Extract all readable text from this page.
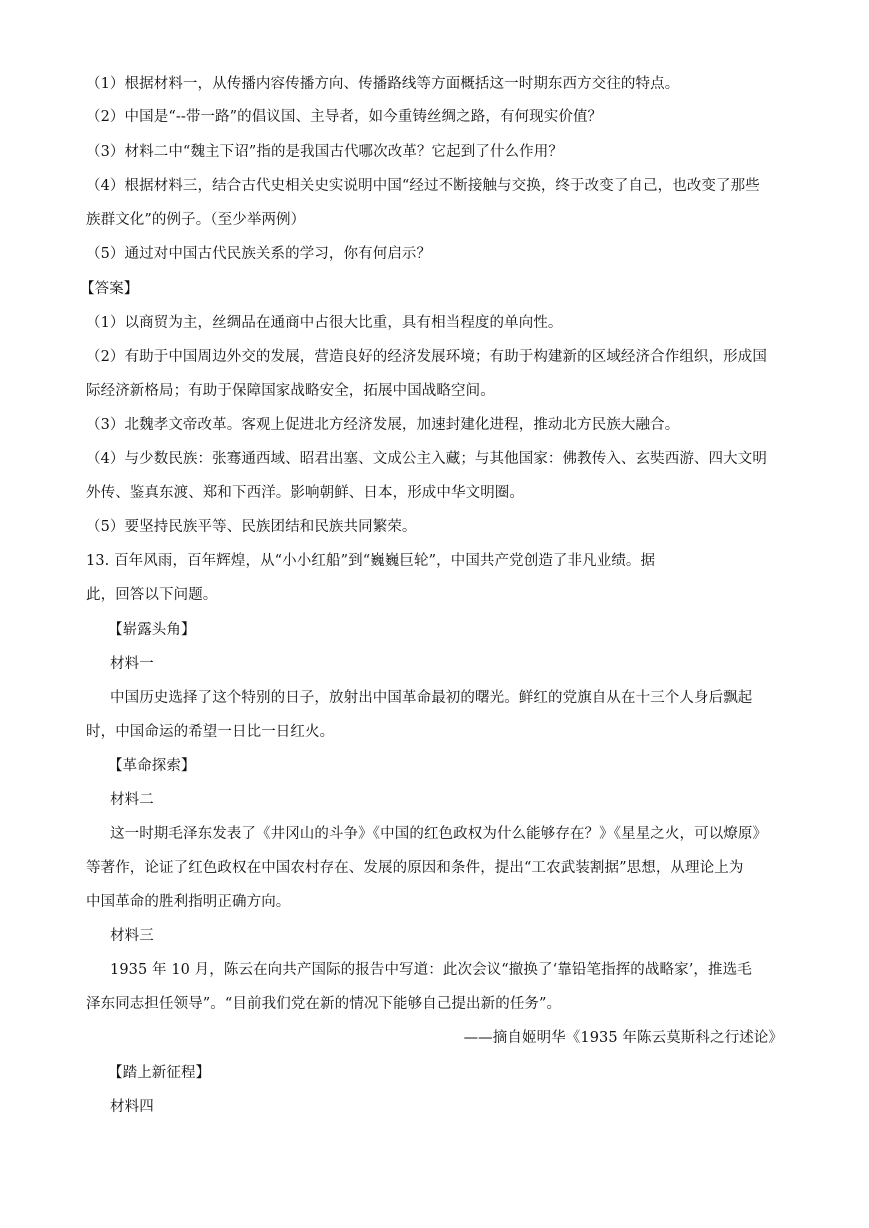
（1）根据材料一，从传播内容传播方向、传播路线等方面概括这一时期东西方交往的特点。
（2）中国是“--带一路”的倡议国、主导者，如今重铸丝绸之路，有何现实价值？
（3）材料二中“魏主下诏”指的是我国古代哪次改革？它起到了什么作用？
（4）根据材料三，结合古代史相关史实说明中国“经过不断接触与交换，终于改变了自己，也改变了那些
族群文化”的例子。（至少举两例）
（5）通过对中国古代民族关系的学习，你有何启示？
【答案】
（1）以商贸为主，丝绸品在通商中占很大比重，具有相当程度的单向性。
（2）有助于中国周边外交的发展，营造良好的经济发展环境；有助于构建新的区域经济合作组织，形成国
际经济新格局；有助于保障国家战略安全，拓展中国战略空间。
（3）北魏孝文帝改革。客观上促进北方经济发展，加速封建化进程，推动北方民族大融合。
（4）与少数民族：张骞通西域、昭君出塞、文成公主入藏；与其他国家：佛教传入、玄奘西游、四大文明
外传、鉴真东渡、郑和下西洋。影响朝鲜、日本，形成中华文明圈。
（5）要坚持民族平等、民族团结和民族共同繁荣。
13. 百年风雨，百年辉煌，从“小小红船”到“巍巍巨轮”，中国共产党创造了非凡业绩。据
此，回答以下问题。
【崭露头角】
材料一
中国历史选择了这个特别的日子，放射出中国革命最初的曙光。鲜红的党旗自从在十三个人身后飘起
时，中国命运的希望一日比一日红火。
【革命探索】
材料二
这一时期毛泽东发表了《井冈山的斗争》《中国的红色政权为什么能够存在？》《星星之火，可以燎原》
等著作，论证了红色政权在中国农村存在、发展的原因和条件，提出“工农武装割据”思想，从理论上为
中国革命的胜利指明正确方向。
材料三
1935 年 10 月，陈云在向共产国际的报告中写道：此次会议“撤换了‘靠铅笔指挥的战略家’，推选毛
泽东同志担任领导”。“目前我们党在新的情况下能够自己提出新的任务”。
——摘自姬明华《1935 年陈云莫斯科之行述论》
【踏上新征程】
材料四
